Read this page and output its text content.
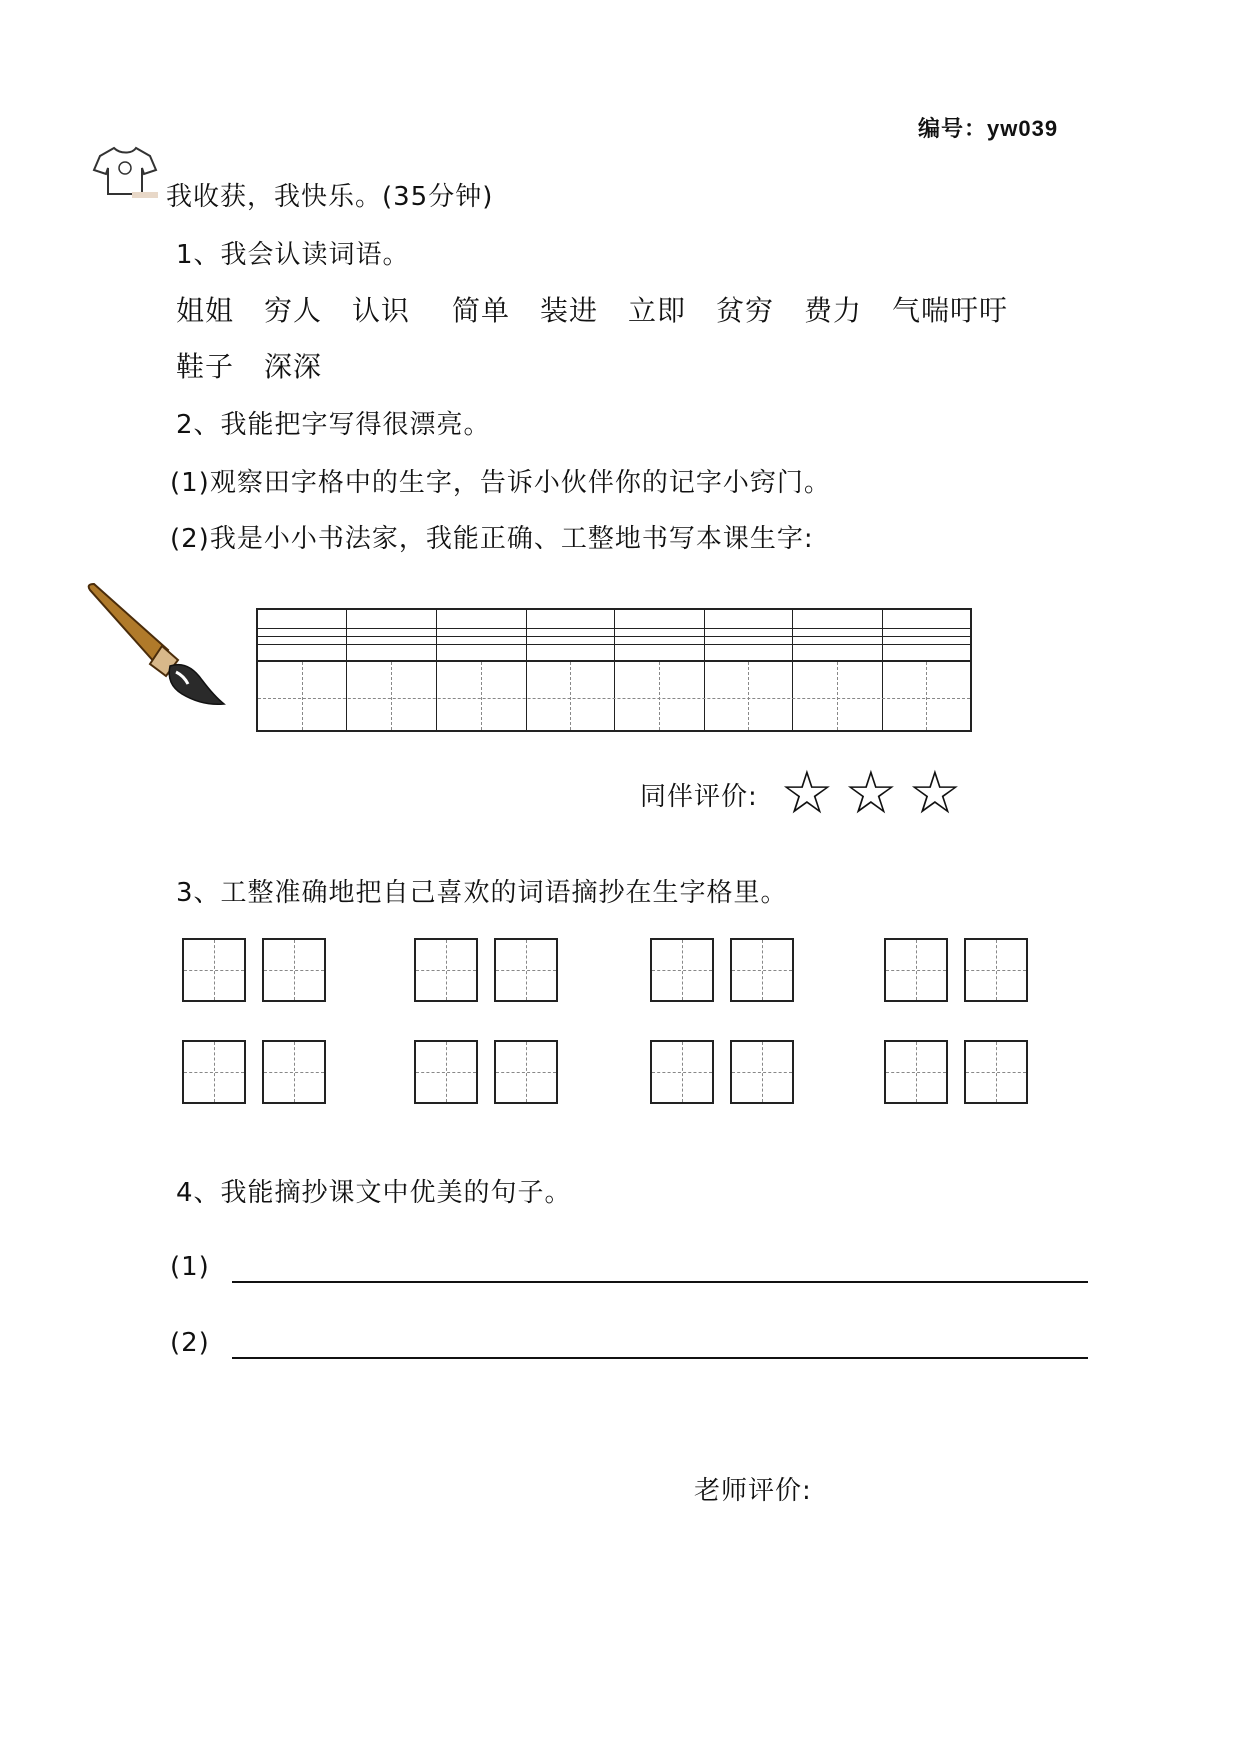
编号：yw039
我收获，我快乐。(35分钟)
1、我会认读词语。
姐姐 穷人 认识 简单 装进 立即 贫穷 费力 气喘吁吁
鞋子 深深
2、我能把字写得很漂亮。
(1)观察田字格中的生字，告诉小伙伴你的记字小窍门。
(2)我是小小书法家，我能正确、工整地书写本课生字:
同伴评价: ☆ ☆ ☆
3、工整准确地把自己喜欢的词语摘抄在生字格里。
4、我能摘抄课文中优美的句子。
(1)
(2)
老师评价:
